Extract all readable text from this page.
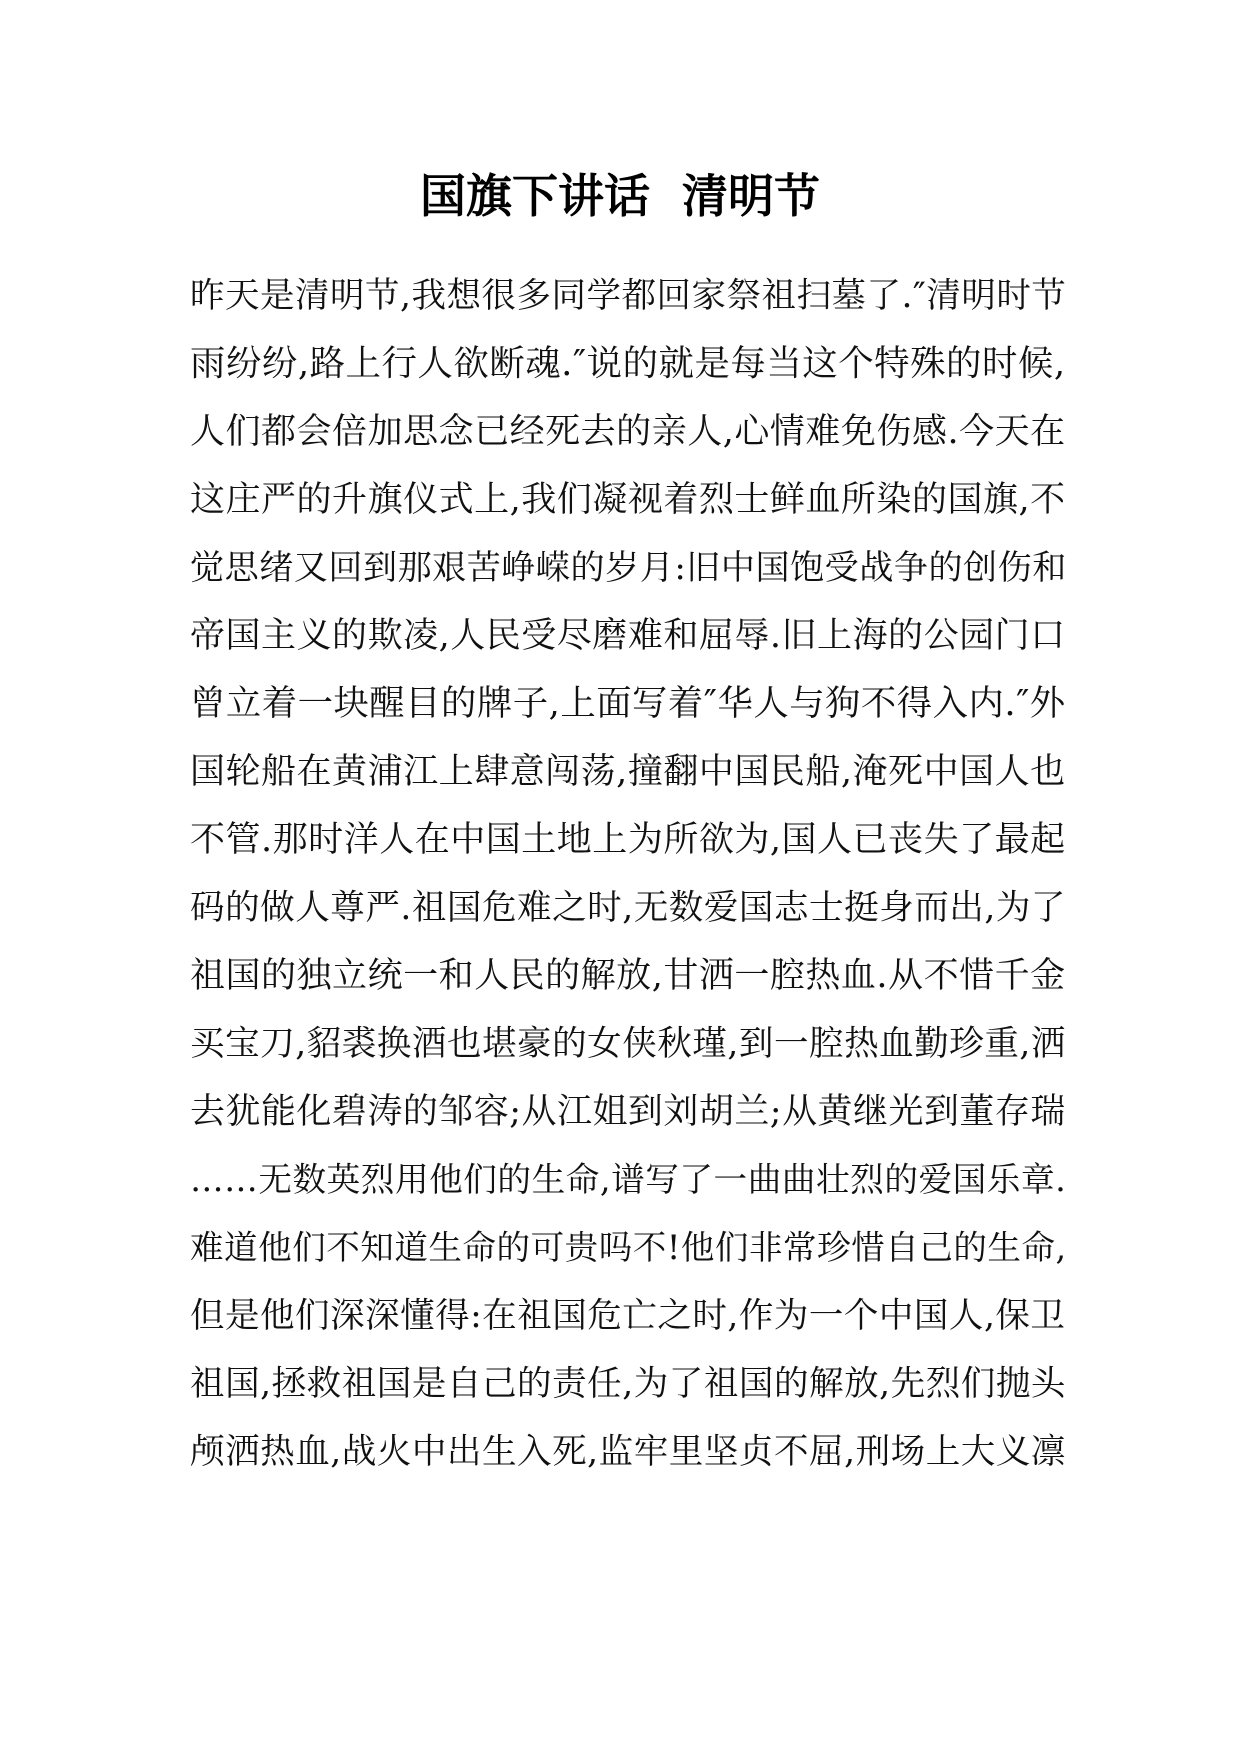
国旗下讲话  清明节
昨天是清明节,我想很多同学都回家祭祖扫墓了.″清明时节
雨纷纷,路上行人欲断魂.″说的就是每当这个特殊的时候,
人们都会倍加思念已经死去的亲人,心情难免伤感.今天在
这庄严的升旗仪式上,我们凝视着烈士鲜血所染的国旗,不
觉思绪又回到那艰苦峥嵘的岁月:旧中国饱受战争的创伤和
帝国主义的欺凌,人民受尽磨难和屈辱.旧上海的公园门口
曾立着一块醒目的牌子,上面写着″华人与狗不得入内.″外
国轮船在黄浦江上肆意闯荡,撞翻中国民船,淹死中国人也
不管.那时洋人在中国土地上为所欲为,国人已丧失了最起
码的做人尊严.祖国危难之时,无数爱国志士挺身而出,为了
祖国的独立统一和人民的解放,甘洒一腔热血.从不惜千金
买宝刀,貂裘换酒也堪豪的女侠秋瑾,到一腔热血勤珍重,洒
去犹能化碧涛的邹容;从江姐到刘胡兰;从黄继光到董存瑞
……无数英烈用他们的生命,谱写了一曲曲壮烈的爱国乐章.
难道他们不知道生命的可贵吗不!他们非常珍惜自己的生命,
但是他们深深懂得:在祖国危亡之时,作为一个中国人,保卫
祖国,拯救祖国是自己的责任,为了祖国的解放,先烈们抛头
颅洒热血,战火中出生入死,监牢里坚贞不屈,刑场上大义凛
